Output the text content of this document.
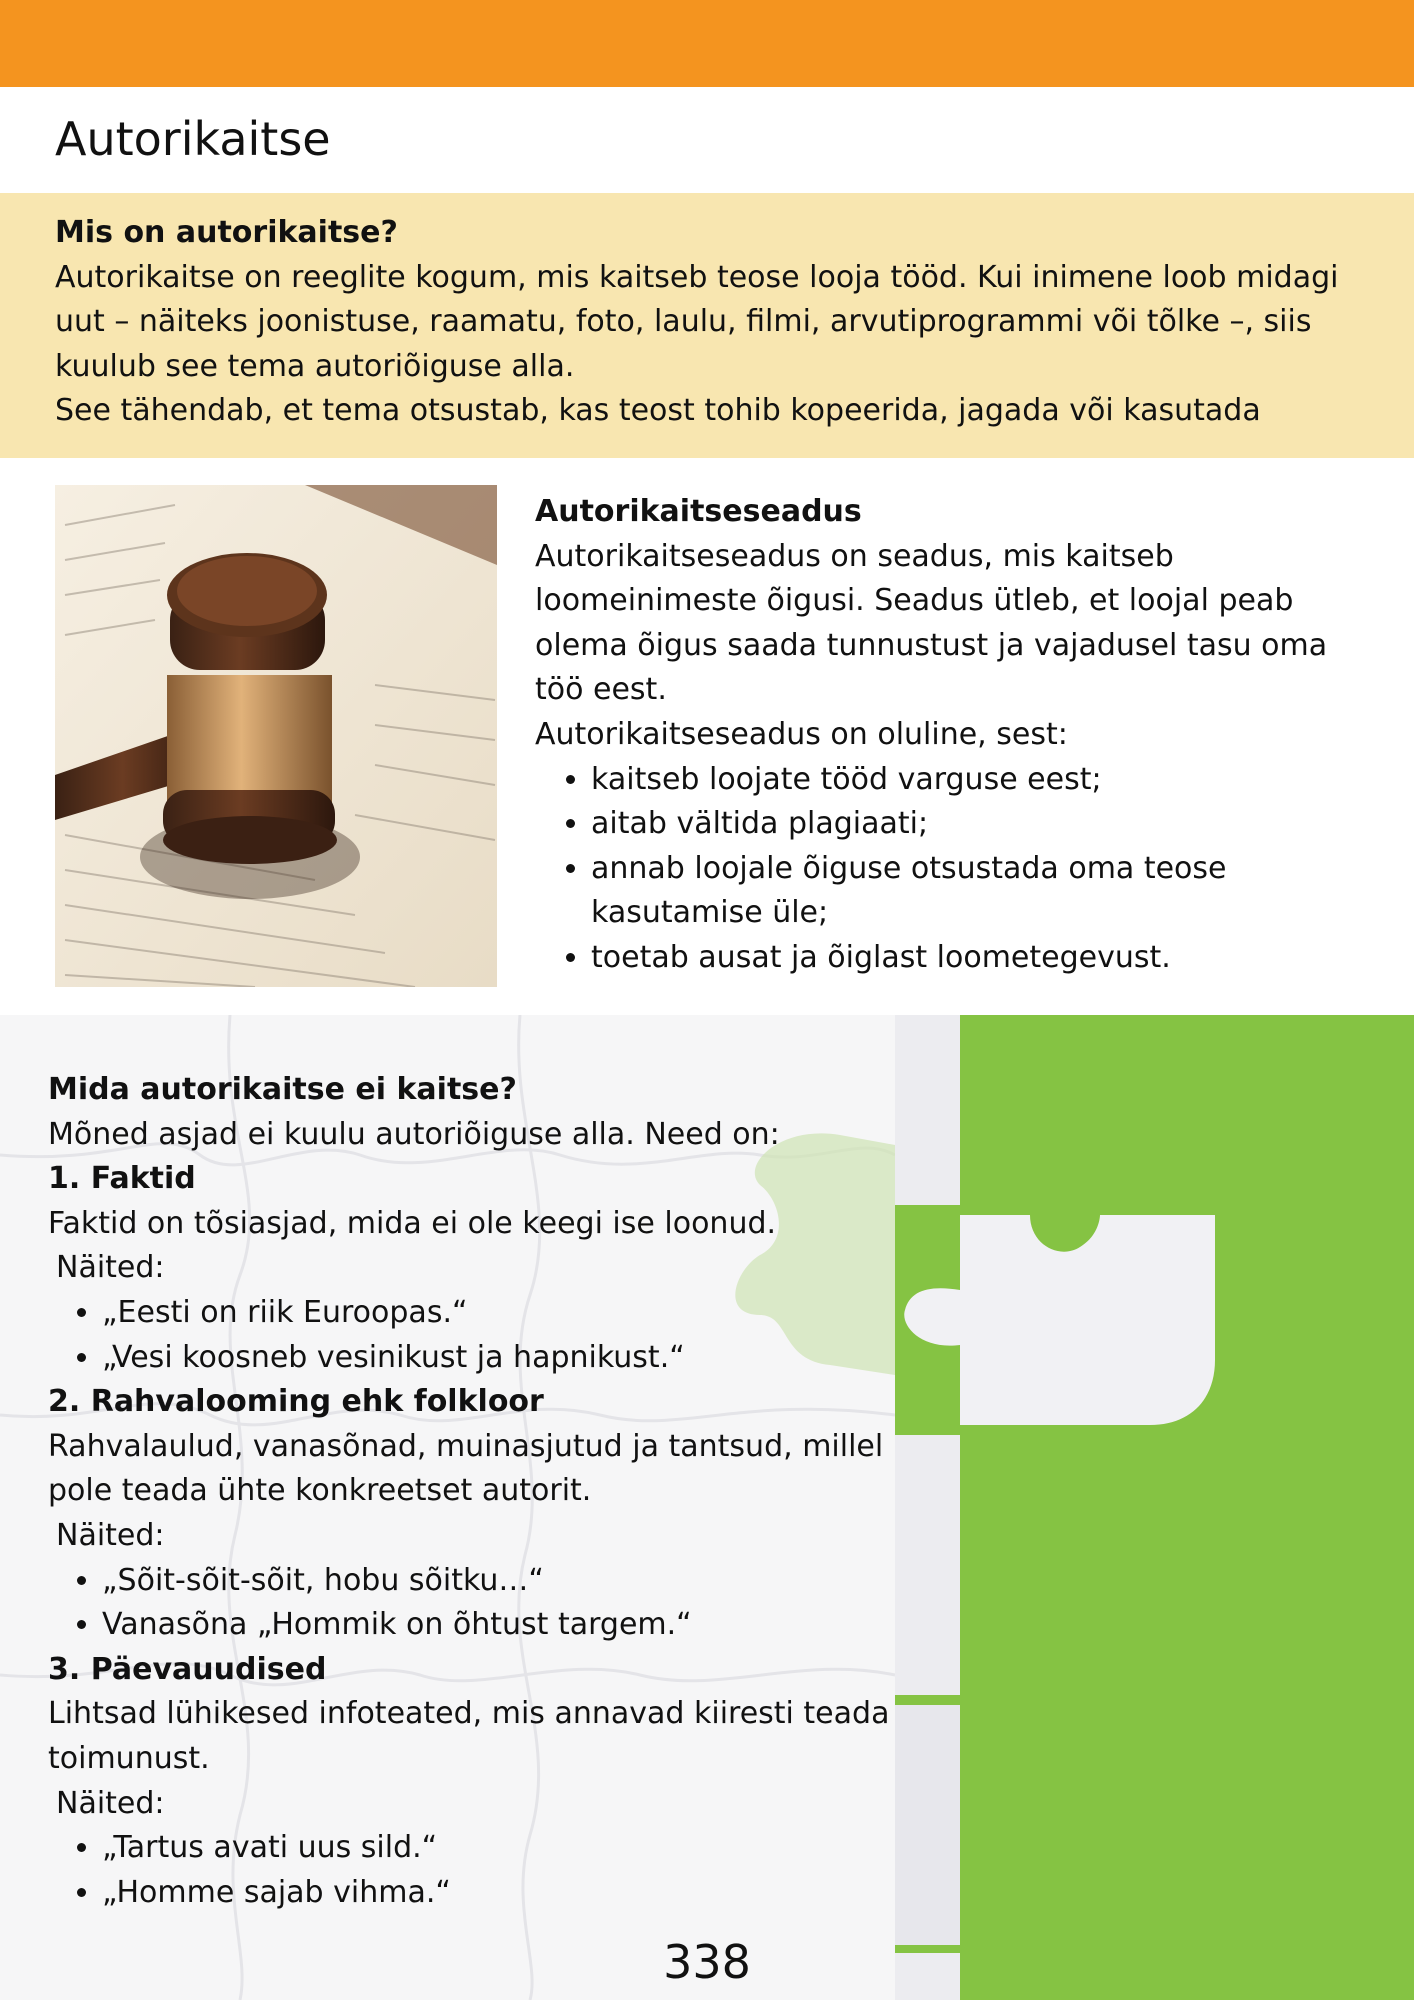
Autorikaitse

Mis on autorikaitse?

Autorikaitse on reeglite kogum, mis kaitseb teose looja tööd. Kui inimene loob midagi uut – näiteks joonistuse, raamatu, foto, laulu, filmi, arvutiprogrammi või tõlke –, siis kuulub see tema autoriõiguse alla.

See tähendab, et tema otsustab, kas teost tohib kopeerida, jagada või kasutada

Autorikaitseseadus

Autorikaitseseadus on seadus, mis kaitseb loomeinimeste õigusi. Seadus ütleb, et loojal peab olema õigus saada tunnustust ja vajadusel tasu oma töö eest.

Autorikaitseseadus on oluline, sest:

• kaitseb loojate tööd varguse eest;
• aitab vältida plagiaati;
• annab loojale õiguse otsustada oma teose kasutamise üle;
• toetab ausat ja õiglast loometegevust.

Mida autorikaitse ei kaitse?

Mõned asjad ei kuulu autoriõiguse alla. Need on:

1. Faktid

Faktid on tõsiasjad, mida ei ole keegi ise loonud.

Näited:

• „Eesti on riik Euroopas.“
• „Vesi koosneb vesinikust ja hapnikust.“

2. Rahvalooming ehk folkloor

Rahvalaulud, vanasõnad, muinasjutud ja tantsud, millel pole teada ühte konkreetset autorit.

Näited:

• „Sõit-sõit-sõit, hobu sõitku…“
• Vanasõna „Hommik on õhtust targem.“

3. Päevauudised

Lihtsad lühikesed infoteated, mis annavad kiiresti teada toimunust.

Näited:

• „Tartus avati uus sild.“
• „Homme sajab vihma.“
338
